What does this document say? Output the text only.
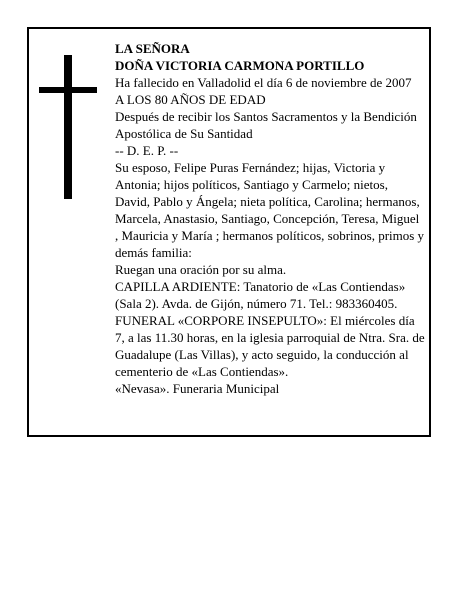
LA SEÑORA

DOÑA VICTORIA CARMONA PORTILLO

Ha fallecido en Valladolid el día 6 de noviembre de 2007

A LOS 80 AÑOS DE EDAD

Después de recibir los Santos Sacramentos y la Bendición Apostólica de Su Santidad

-- D. E. P. --

Su esposo, Felipe Puras Fernández; hijas, Victoria y Antonia; hijos políticos, Santiago y Carmelo; nietos, David, Pablo y Ángela; nieta política, Carolina; hermanos, Marcela, Anastasio, Santiago, Concepción, Teresa, Miguel , Mauricia y María ; hermanos políticos, sobrinos, primos y demás familia:

Ruegan una oración por su alma.

CAPILLA ARDIENTE: Tanatorio de «Las Contiendas» (Sala 2). Avda. de Gijón, número 71. Tel.: 983360405.

FUNERAL «CORPORE INSEPULTO»: El miércoles día 7, a las 11.30 horas, en la iglesia parroquial de Ntra. Sra. de Guadalupe (Las Villas), y acto seguido, la conducción al cementerio de «Las Contiendas».

«Nevasa». Funeraria Municipal
